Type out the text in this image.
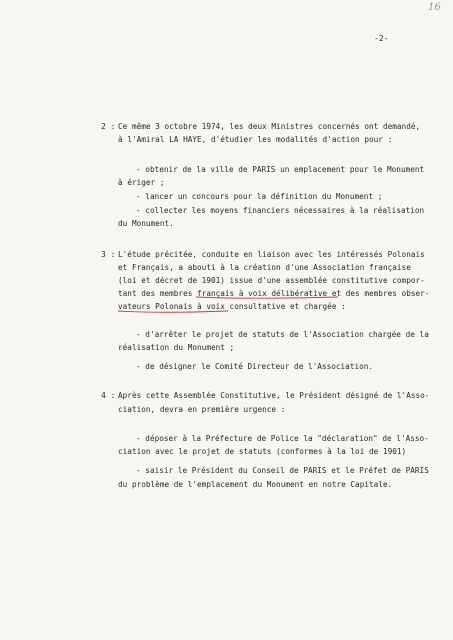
16
-2-
2 : Ce même 3 octobre 1974, les deux Ministres concernés ont demandé,
à l'Amiral LA HAYE, d'étudier les modalités d'action pour :
- obtenir de la ville de PARIS un emplacement pour le Monument
à ériger ;
- lancer un concours pour la définition du Monument ;
- collecter les moyens financiers nécessaires à la réalisation
du Monument.
3 : L'étude précitée, conduite en liaison avec les intéressés Polonais
et Français, a abouti à la création d'une Association française
(loi et décret de 1901) issue d'une assemblée constitutive compor-
tant des membres français à voix délibérative et des membres obser-
vateurs Polonais à voix consultative et chargée :
- d'arrêter le projet de statuts de l'Association chargée de la
réalisation du Monument ;
- de désigner le Comité Directeur de l'Association.
4 : Après cette Assemblée Constitutive, le Président désigné de l'Asso-
ciation, devra en première urgence :
- déposer à la Préfecture de Police la "déclaration" de l'Asso-
ciation avec le projet de statuts (conformes à la loi de 1901)
- saisir le Président du Conseil de PARIS et le Préfet de PARIS
du problème de l'emplacement du Monument en notre Capitale.
